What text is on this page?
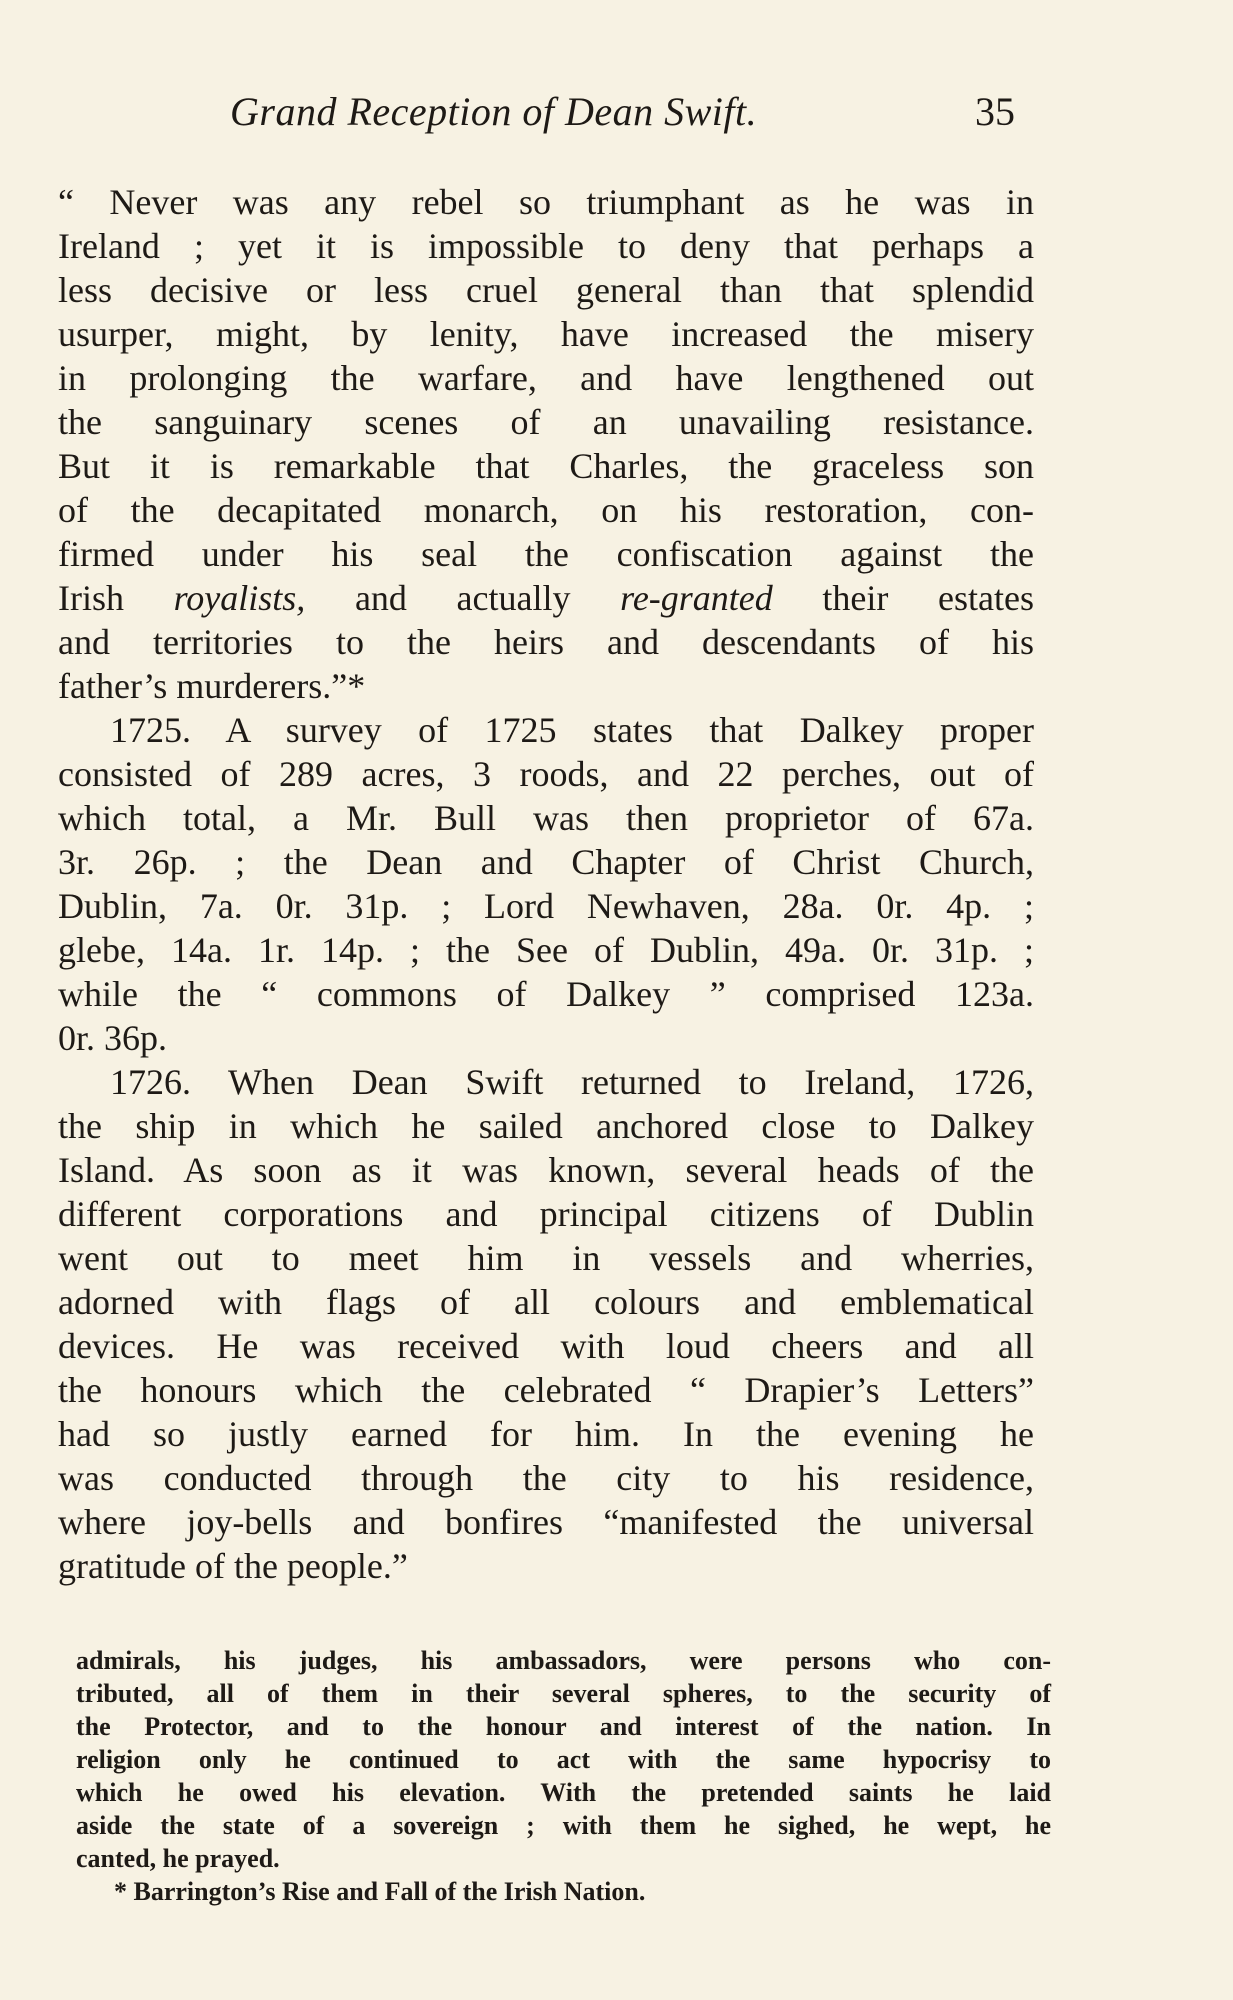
Grand Reception of Dean Swift.	35
“ Never was any rebel so triumphant as he was in
Ireland ; yet it is impossible to deny that perhaps a
less decisive or less cruel general than that splendid
usurper, might, by lenity, have increased the misery
in prolonging the warfare, and have lengthened out
the sanguinary scenes of an unavailing resistance.
But it is remarkable that Charles, the graceless son
of the decapitated monarch, on his restoration, con-
firmed under his seal the confiscation against the
Irish royalists, and actually re-granted their estates
and territories to the heirs and descendants of his
father’s murderers.”*
1725. A survey of 1725 states that Dalkey proper
consisted of 289 acres, 3 roods, and 22 perches, out of
which total, a Mr. Bull was then proprietor of 67a.
3r. 26p. ; the Dean and Chapter of Christ Church,
Dublin, 7a. 0r. 31p. ; Lord Newhaven, 28a. 0r. 4p. ;
glebe, 14a. 1r. 14p. ; the See of Dublin, 49a. 0r. 31p. ;
while the “ commons of Dalkey ” comprised 123a.
0r. 36p.
1726. When Dean Swift returned to Ireland, 1726,
the ship in which he sailed anchored close to Dalkey
Island. As soon as it was known, several heads of the
different corporations and principal citizens of Dublin
went out to meet him in vessels and wherries,
adorned with flags of all colours and emblematical
devices. He was received with loud cheers and all
the honours which the celebrated “ Drapier’s Letters”
had so justly earned for him. In the evening he
was conducted through the city to his residence,
where joy-bells and bonfires “manifested the universal
gratitude of the people.”
admirals, his judges, his ambassadors, were persons who con-
tributed, all of them in their several spheres, to the security of
the Protector, and to the honour and interest of the nation. In
religion only he continued to act with the same hypocrisy to
which he owed his elevation. With the pretended saints he laid
aside the state of a sovereign ; with them he sighed, he wept, he
canted, he prayed.
* Barrington’s Rise and Fall of the Irish Nation.
